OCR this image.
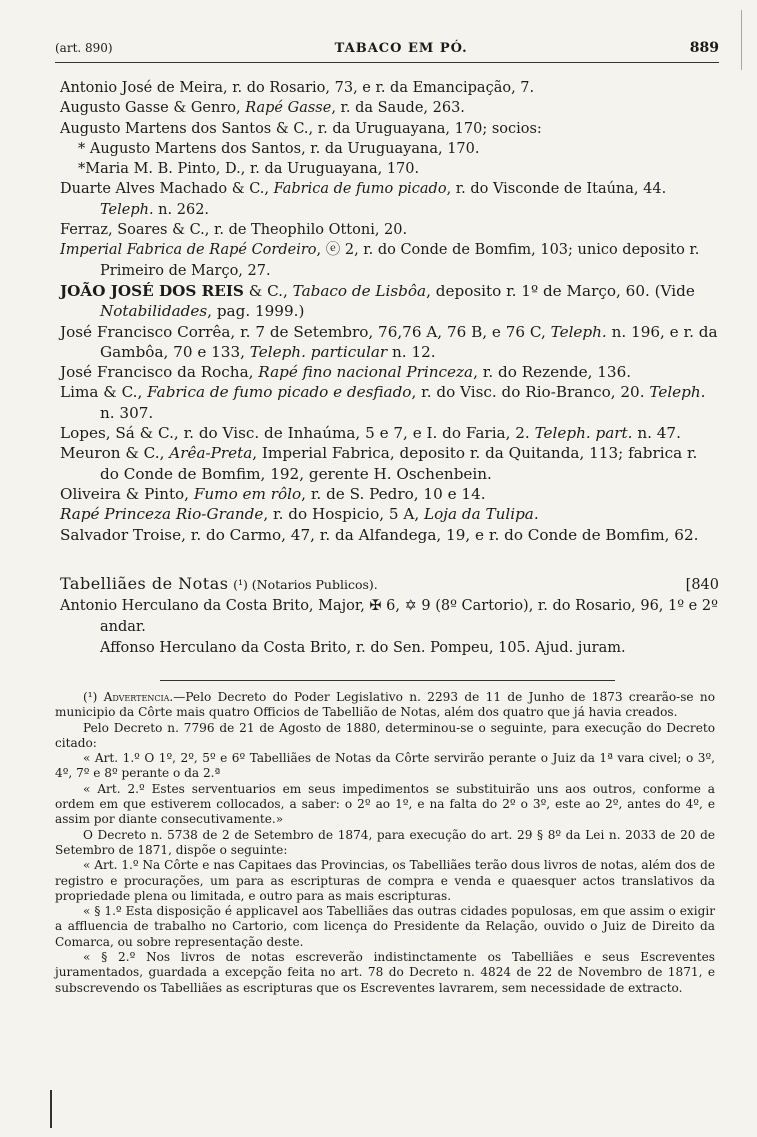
(art. 890)	TABACO EM PÓ.	889

Antonio José de Meira, r. do Rosario, 73, e r. da Emancipação, 7.

Augusto Gasse & Genro, Rapé Gasse, r. da Saude, 263.

Augusto Martens dos Santos & C., r. da Uruguayana, 170; socios:

* Augusto Martens dos Santos, r. da Uruguayana, 170.

*Maria M. B. Pinto, D., r. da Uruguayana, 170.

Duarte Alves Machado & C., Fabrica de fumo picado, r. do Visconde de Itaúna, 44. Teleph. n. 262.

Ferraz, Soares & C., r. de Theophilo Ottoni, 20.

Imperial Fabrica de Rapé Cordeiro, ⓔ 2, r. do Conde de Bomfim, 103; unico deposito r. Primeiro de Março, 27.

JOÃO JOSÉ DOS REIS & C., Tabaco de Lisbôa, deposito r. 1º de Março, 60. (Vide Notabilidades, pag. 1999.)

José Francisco Corrêa, r. 7 de Setembro, 76,76 A, 76 B, e 76 C, Teleph. n. 196, e r. da Gambôa, 70 e 133, Teleph. particular n. 12.

José Francisco da Rocha, Rapé fino nacional Princeza, r. do Rezende, 136.

Lima & C., Fabrica de fumo picado e desfiado, r. do Visc. do Rio-Branco, 20. Teleph. n. 307.

Lopes, Sá & C., r. do Visc. de Inhaúma, 5 e 7, e I. do Faria, 2. Teleph. part. n. 47.

Meuron & C., Arêa-Preta, Imperial Fabrica, deposito r. da Quitanda, 113; fabrica r. do Conde de Bomfim, 192, gerente H. Oschenbein.

Oliveira & Pinto, Fumo em rôlo, r. de S. Pedro, 10 e 14.

Rapé Princeza Rio-Grande, r. do Hospicio, 5 A, Loja da Tulipa.

Salvador Troise, r. do Carmo, 47, r. da Alfandega, 19, e r. do Conde de Bomfim, 62.

Tabelliães de Notas (¹) (Notarios Publicos).	[840

Antonio Herculano da Costa Brito, Major, ✠ 6, ✡ 9 (8º Cartorio), r. do Rosario, 96, 1º e 2º andar.

Affonso Herculano da Costa Brito, r. do Sen. Pompeu, 105. Ajud. juram.

(¹) Advertencia.—Pelo Decreto do Poder Legislativo n. 2293 de 11 de Junho de 1873 crearão-se no municipio da Côrte mais quatro Officios de Tabellião de Notas, além dos quatro que já havia creados.

Pelo Decreto n. 7796 de 21 de Agosto de 1880, determinou-se o seguinte, para execução do Decreto citado:

« Art. 1.º O 1º, 2º, 5º e 6º Tabelliães de Notas da Côrte servirão perante o Juiz da 1ª vara civel; o 3º, 4º, 7º e 8º perante o da 2.ª

« Art. 2.º Estes serventuarios em seus impedimentos se substituirão uns aos outros, conforme a ordem em que estiverem collocados, a saber: o 2º ao 1º, e na falta do 2º o 3º, este ao 2º, antes do 4º, e assim por diante consecutivamente.»

O Decreto n. 5738 de 2 de Setembro de 1874, para execução do art. 29 § 8º da Lei n. 2033 de 20 de Setembro de 1871, dispõe o seguinte:

« Art. 1.º Na Côrte e nas Capitaes das Provincias, os Tabelliães terão dous livros de notas, além dos de registro e procurações, um para as escripturas de compra e venda e quaesquer actos translativos da propriedade plena ou limitada, e outro para as mais escripturas.

« § 1.º Esta disposição é applicavel aos Tabelliães das outras cidades populosas, em que assim o exigir a affluencia de trabalho no Cartorio, com licença do Presidente da Relação, ouvido o Juiz de Direito da Comarca, ou sobre representação deste.

« § 2.º Nos livros de notas escreverão indistinctamente os Tabelliães e seus Escreventes juramentados, guardada a excepção feita no art. 78 do Decreto n. 4824 de 22 de Novembro de 1871, e subscrevendo os Tabelliães as escripturas que os Escreventes lavrarem, sem necessidade de extracto.
